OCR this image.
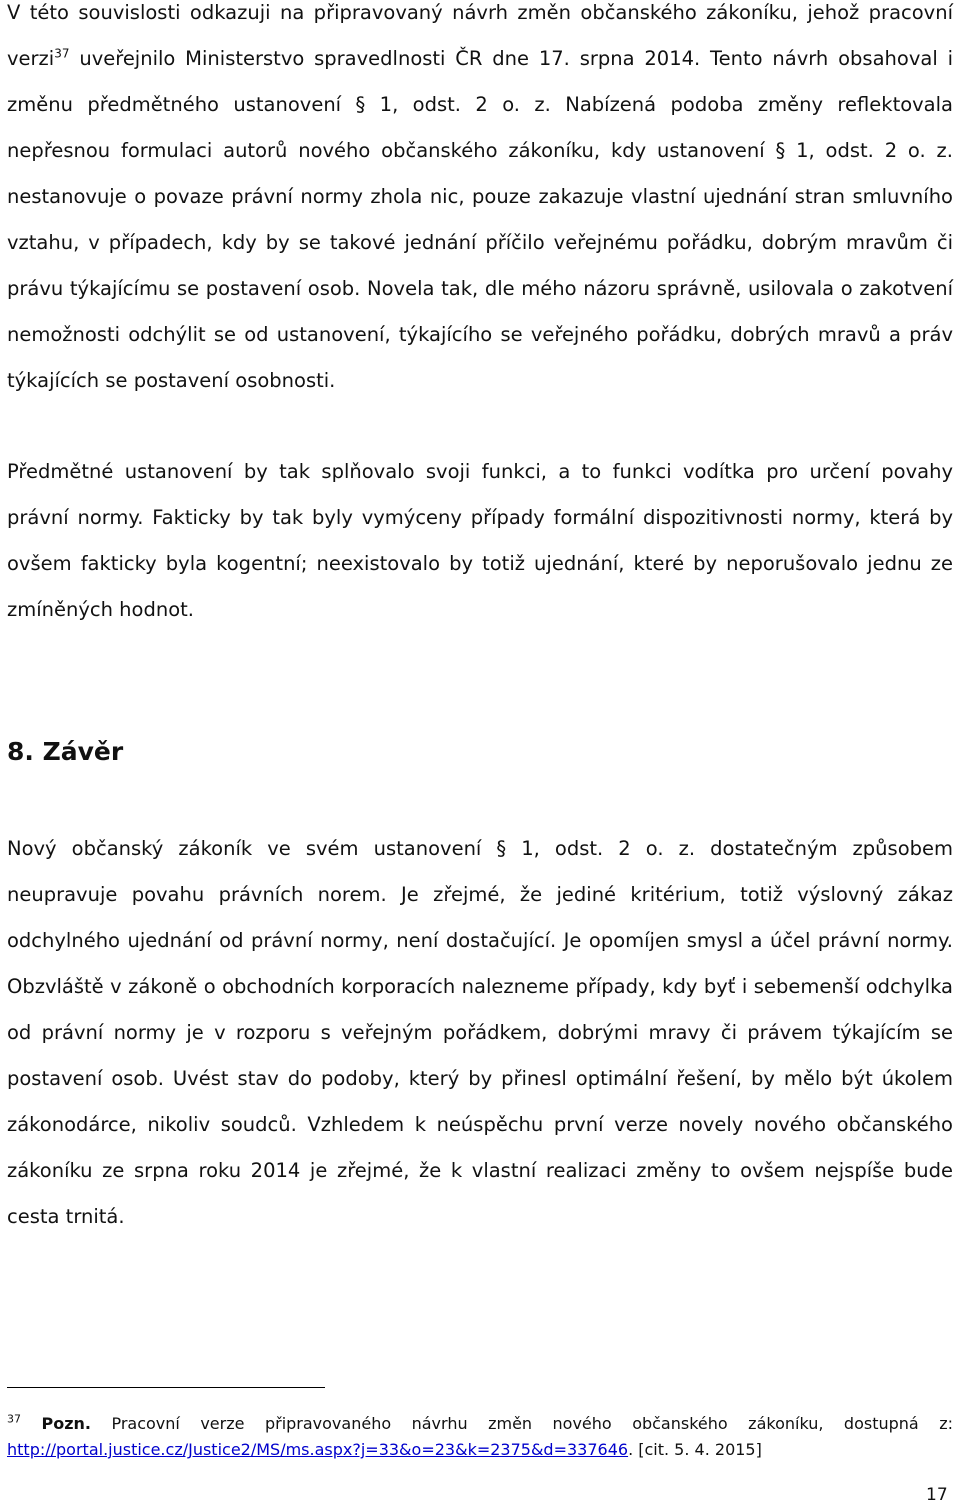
V této souvislosti odkazuji na připravovaný návrh změn občanského zákoníku, jehož pracovní verzi$^{37}$ uveřejnilo Ministerstvo spravedlnosti ČR dne 17. srpna 2014. Tento návrh obsahoval i změnu předmětného ustanovení § 1, odst. 2 o. z. Nabízená podoba změny reflektovala nepřesnou formulaci autorů nového občanského zákoníku, kdy ustanovení § 1, odst. 2 o. z. nestanovuje o povaze právní normy zhola nic, pouze zakazuje vlastní ujednání stran smluvního vztahu, v případech, kdy by se takové jednání příčilo veřejnému pořádku, dobrým mravům či právu týkajícímu se postavení osob. Novela tak, dle mého názoru správně, usilovala o zakotvení nemožnosti odchýlit se od ustanovení, týkajícího se veřejného pořádku, dobrých mravů a práv týkajících se postavení osobnosti.

Předmětné ustanovení by tak splňovalo svoji funkci, a to funkci vodítka pro určení povahy právní normy. Fakticky by tak byly vymýceny případy formální dispozitivnosti normy, která by ovšem fakticky byla kogentní; neexistovalo by totiž ujednání, které by neporušovalo jednu ze zmíněných hodnot.

8. Závěr

Nový občanský zákoník ve svém ustanovení § 1, odst. 2 o. z. dostatečným způsobem neupravuje povahu právních norem. Je zřejmé, že jediné kritérium, totiž výslovný zákaz odchylného ujednání od právní normy, není dostačující. Je opomíjen smysl a účel právní normy. Obzvláště v zákoně o obchodních korporacích nalezneme případy, kdy byť i sebemenší odchylka od právní normy je v rozporu s veřejným pořádkem, dobrými mravy či právem týkajícím se postavení osob. Uvést stav do podoby, který by přinesl optimální řešení, by mělo být úkolem zákonodárce, nikoliv soudců. Vzhledem k neúspěchu první verze novely nového občanského zákoníku ze srpna roku 2014 je zřejmé, že k vlastní realizaci změny to ovšem nejspíše bude cesta trnitá.

$^{37}$ Pozn. Pracovní verze připravovaného návrhu změn nového občanského zákoníku, dostupná z: http://portal.justice.cz/Justice2/MS/ms.aspx?j=33&o=23&k=2375&d=337646. [cit. 5. 4. 2015]

17
